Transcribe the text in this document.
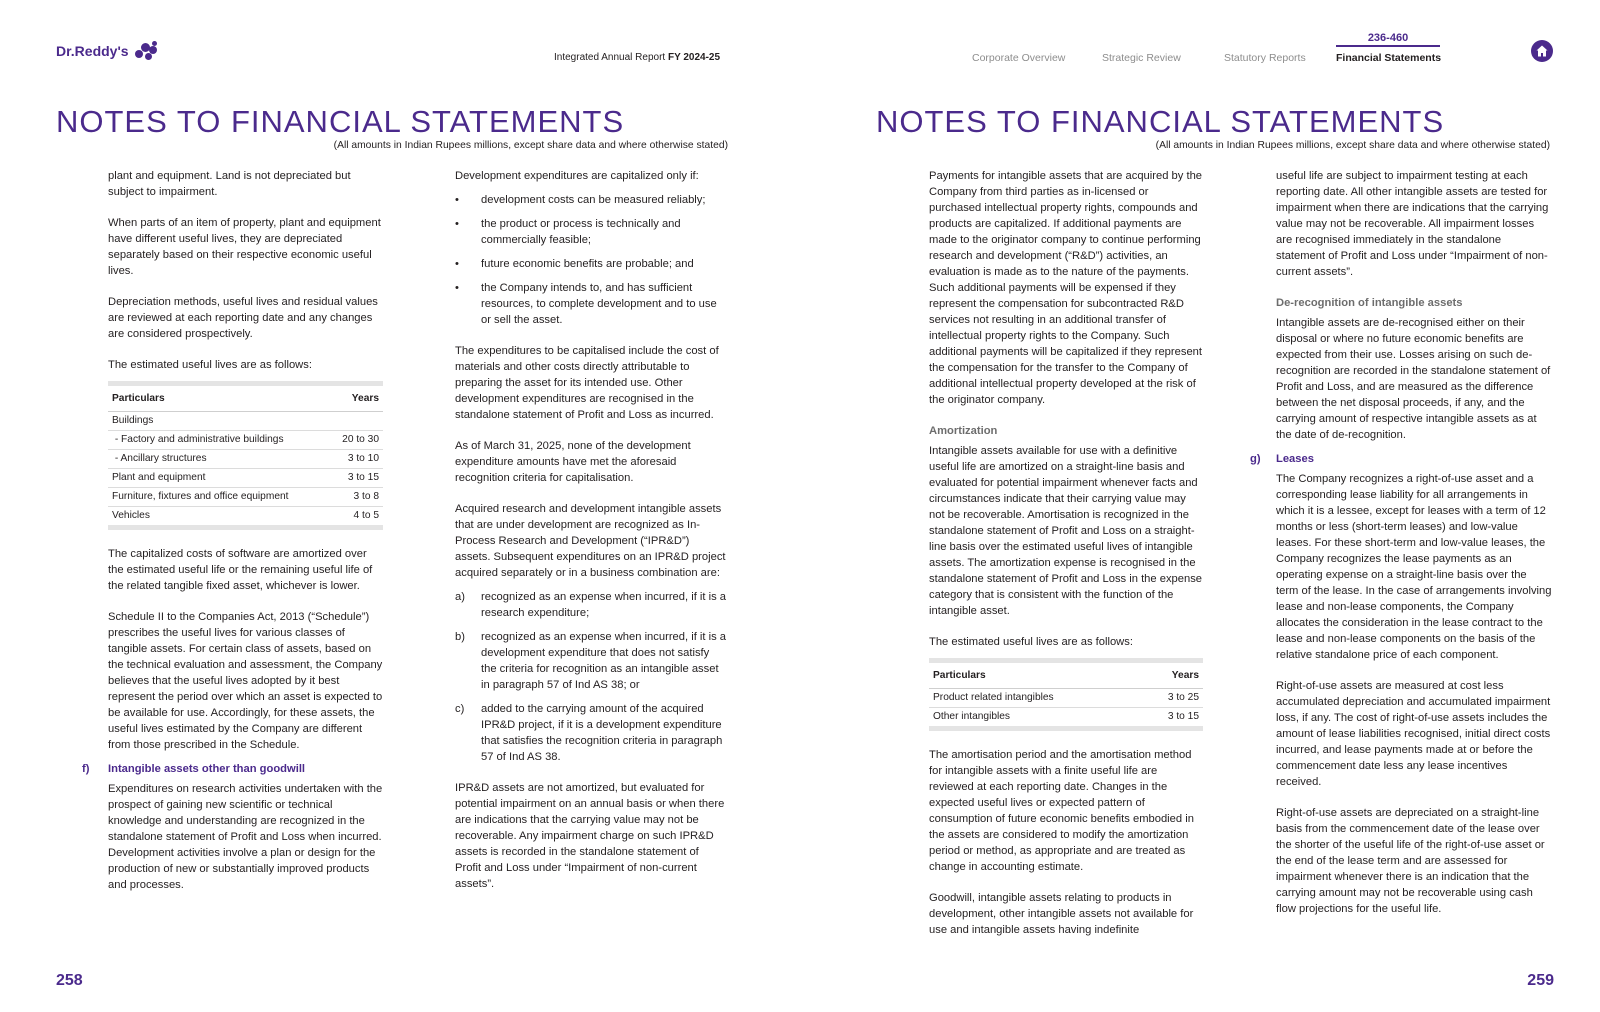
Dr.Reddy's	Integrated Annual Report FY 2024-25	Corporate Overview	Strategic Review	Statutory Reports
236-460
Financial Statements
NOTES TO FINANCIAL STATEMENTS
(All amounts in Indian Rupees millions, except share data and where otherwise stated)
NOTES TO FINANCIAL STATEMENTS
(All amounts in Indian Rupees millions, except share data and where otherwise stated)

plant and equipment. Land is not depreciated but subject to impairment.

When parts of an item of property, plant and equipment have different useful lives, they are depreciated separately based on their respective economic useful lives.

Depreciation methods, useful lives and residual values are reviewed at each reporting date and any changes are considered prospectively.

The estimated useful lives are as follows:

Particulars	Years
Buildings	
- Factory and administrative buildings	20 to 30
- Ancillary structures	3 to 10
Plant and equipment	3 to 15
Furniture, fixtures and office equipment	3 to 8
Vehicles	4 to 5

The capitalized costs of software are amortized over the estimated useful life or the remaining useful life of the related tangible fixed asset, whichever is lower.

Schedule II to the Companies Act, 2013 (“Schedule”) prescribes the useful lives for various classes of tangible assets. For certain class of assets, based on the technical evaluation and assessment, the Company believes that the useful lives adopted by it best represent the period over which an asset is expected to be available for use. Accordingly, for these assets, the useful lives estimated by the Company are different from those prescribed in the Schedule.

f) Intangible assets other than goodwill

Expenditures on research activities undertaken with the prospect of gaining new scientific or technical knowledge and understanding are recognized in the standalone statement of Profit and Loss when incurred. Development activities involve a plan or design for the production of new or substantially improved products and processes.

Development expenditures are capitalized only if:

• development costs can be measured reliably;
• the product or process is technically and commercially feasible;
• future economic benefits are probable; and
• the Company intends to, and has sufficient resources, to complete development and to use or sell the asset.

The expenditures to be capitalised include the cost of materials and other costs directly attributable to preparing the asset for its intended use. Other development expenditures are recognised in the standalone statement of Profit and Loss as incurred.

As of March 31, 2025, none of the development expenditure amounts have met the aforesaid recognition criteria for capitalisation.

Acquired research and development intangible assets that are under development are recognized as In-Process Research and Development (“IPR&D”) assets. Subsequent expenditures on an IPR&D project acquired separately or in a business combination are:

a) recognized as an expense when incurred, if it is a research expenditure;
b) recognized as an expense when incurred, if it is a development expenditure that does not satisfy the criteria for recognition as an intangible asset in paragraph 57 of Ind AS 38; or
c) added to the carrying amount of the acquired IPR&D project, if it is a development expenditure that satisfies the recognition criteria in paragraph 57 of Ind AS 38.

IPR&D assets are not amortized, but evaluated for potential impairment on an annual basis or when there are indications that the carrying value may not be recoverable. Any impairment charge on such IPR&D assets is recorded in the standalone statement of Profit and Loss under “Impairment of non-current assets”.

Payments for intangible assets that are acquired by the Company from third parties as in-licensed or purchased intellectual property rights, compounds and products are capitalized. If additional payments are made to the originator company to continue performing research and development (“R&D”) activities, an evaluation is made as to the nature of the payments. Such additional payments will be expensed if they represent the compensation for subcontracted R&D services not resulting in an additional transfer of intellectual property rights to the Company. Such additional payments will be capitalized if they represent the compensation for the transfer to the Company of additional intellectual property developed at the risk of the originator company.

Amortization

Intangible assets available for use with a definitive useful life are amortized on a straight-line basis and evaluated for potential impairment whenever facts and circumstances indicate that their carrying value may not be recoverable. Amortisation is recognized in the standalone statement of Profit and Loss on a straight-line basis over the estimated useful lives of intangible assets. The amortization expense is recognised in the standalone statement of Profit and Loss in the expense category that is consistent with the function of the intangible asset.

The estimated useful lives are as follows:

Particulars	Years
Product related intangibles	3 to 25
Other intangibles	3 to 15

The amortisation period and the amortisation method for intangible assets with a finite useful life are reviewed at each reporting date. Changes in the expected useful lives or expected pattern of consumption of future economic benefits embodied in the assets are considered to modify the amortization period or method, as appropriate and are treated as change in accounting estimate.

Goodwill, intangible assets relating to products in development, other intangible assets not available for use and intangible assets having indefinite

useful life are subject to impairment testing at each reporting date. All other intangible assets are tested for impairment when there are indications that the carrying value may not be recoverable. All impairment losses are recognised immediately in the standalone statement of Profit and Loss under “Impairment of non-current assets”.

De-recognition of intangible assets

Intangible assets are de-recognised either on their disposal or where no future economic benefits are expected from their use. Losses arising on such de-recognition are recorded in the standalone statement of Profit and Loss, and are measured as the difference between the net disposal proceeds, if any, and the carrying amount of respective intangible assets as at the date of de-recognition.

g) Leases

The Company recognizes a right-of-use asset and a corresponding lease liability for all arrangements in which it is a lessee, except for leases with a term of 12 months or less (short-term leases) and low-value leases. For these short-term and low-value leases, the Company recognizes the lease payments as an operating expense on a straight-line basis over the term of the lease. In the case of arrangements involving lease and non-lease components, the Company allocates the consideration in the lease contract to the lease and non-lease components on the basis of the relative standalone price of each component.

Right-of-use assets are measured at cost less accumulated depreciation and accumulated impairment loss, if any. The cost of right-of-use assets includes the amount of lease liabilities recognised, initial direct costs incurred, and lease payments made at or before the commencement date less any lease incentives received.

Right-of-use assets are depreciated on a straight-line basis from the commencement date of the lease over the shorter of the useful life of the right-of-use asset or the end of the lease term and are assessed for impairment whenever there is an indication that the carrying amount may not be recoverable using cash flow projections for the useful life.

258	259
